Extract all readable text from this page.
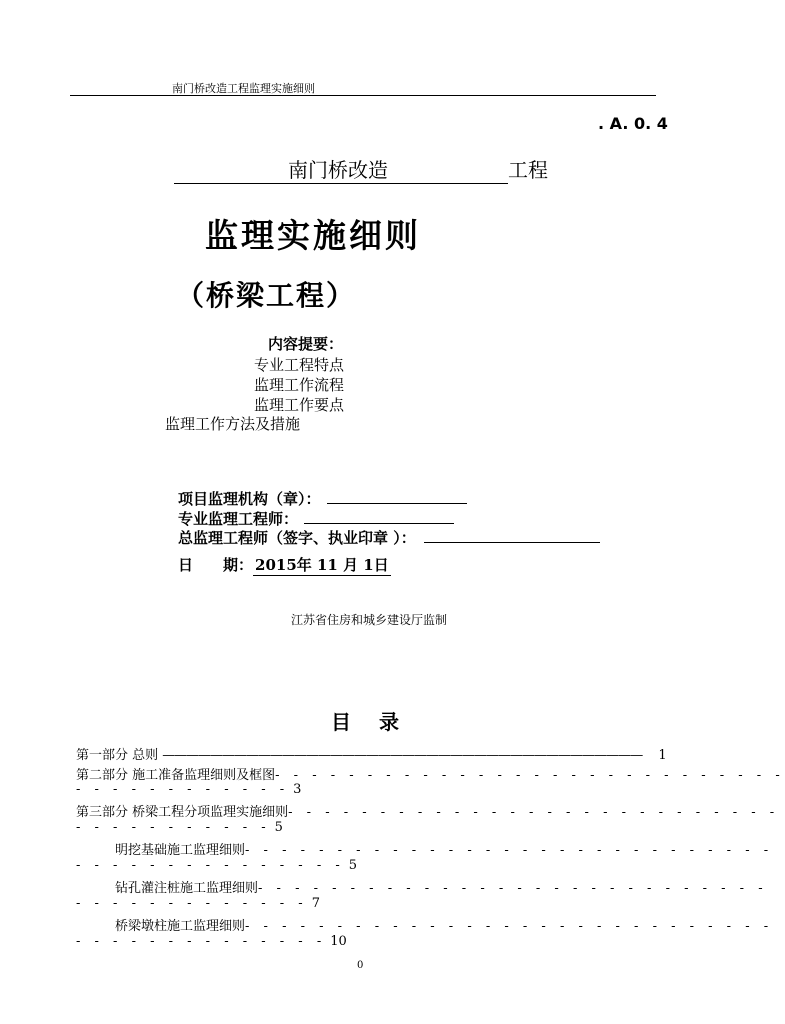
南门桥改造工程监理实施细则
. A. 0. 4
南门桥改造	工程
监理实施细则
（桥梁工程）
内容提要：
专业工程特点
监理工作流程
监理工作要点
监理工作方法及措施
项目监理机构（章）：
专业监理工程师：
总监理工程师（签字、执业印章 ）：
日　　期： 2015年 11 月 1日
江苏省住房和城乡建设厅监制
目　录
第一部分 总则 ———————————————————————————————————————— 1
第二部分 施工准备监理细则及框图- - - - - - - - - - - - - - - - - - - - - - - - - - - -
- - - - - - - - - - - - 3
第三部分 桥梁工程分项监理实施细则- - - - - - - - - - - - - - - - - - - - - - - - - - -
- - - - - - - - - - - 5
明挖基础施工监理细则- - - - - - - - - - - - - - - - - - - - - - - - - - - - -
- - - - - - - - - - - - - - - 5
钻孔灌注桩施工监理细则- - - - - - - - - - - - - - - - - - - - - - - - - - - -
- - - - - - - - - - - - - 7
桥梁墩柱施工监理细则- - - - - - - - - - - - - - - - - - - - - - - - - - - - -
- - - - - - - - - - - - - - 10
0
